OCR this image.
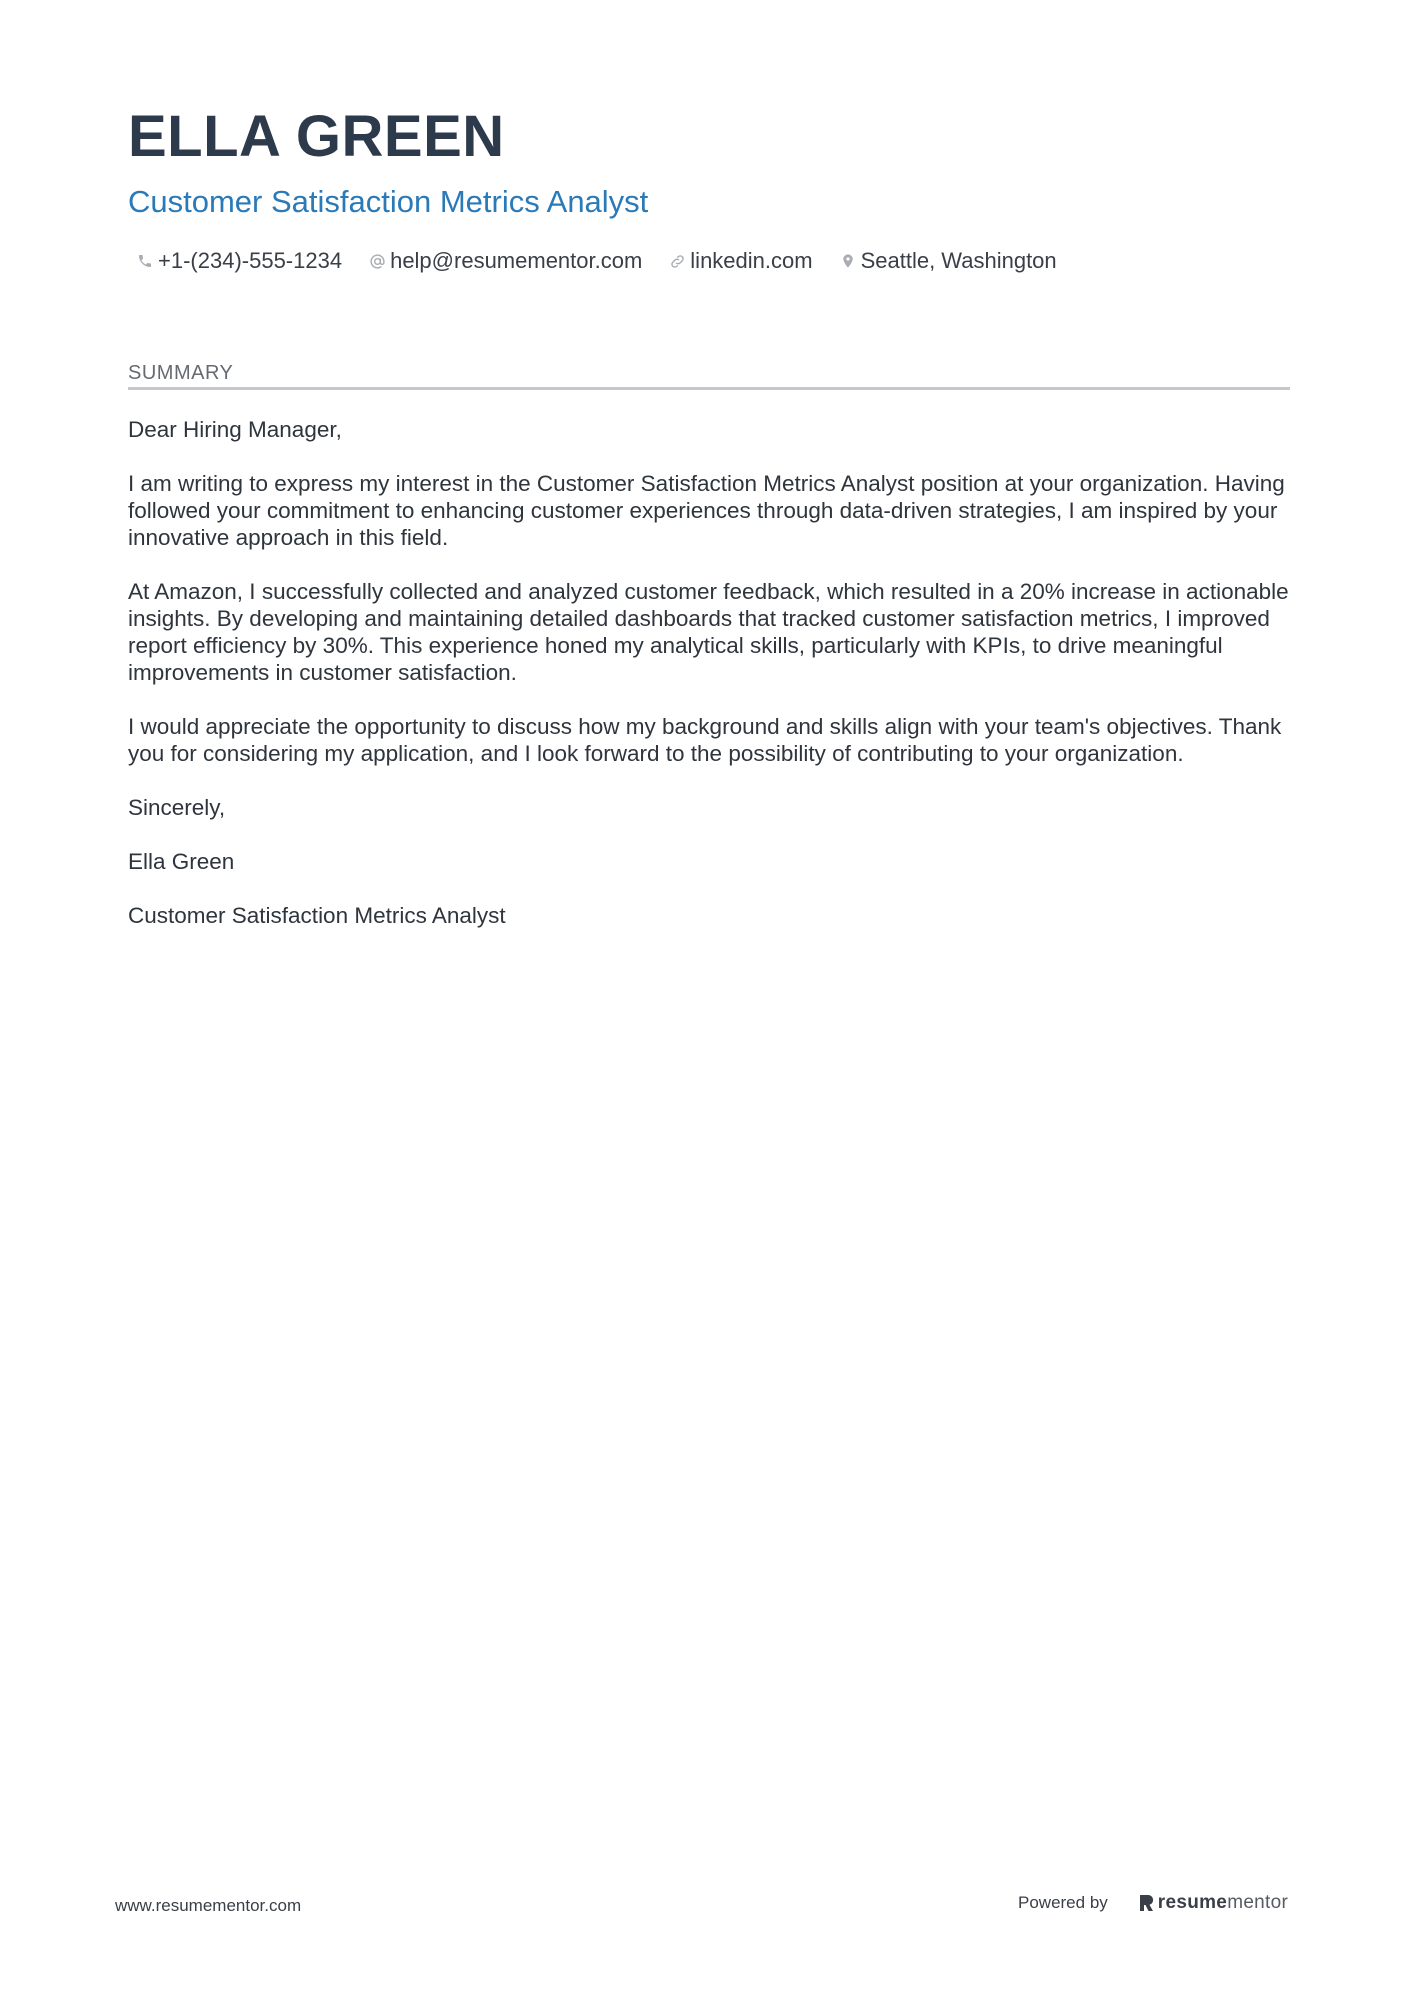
ELLA GREEN
Customer Satisfaction Metrics Analyst
+1-(234)-555-1234 help@resumementor.com linkedin.com Seattle, Washington
SUMMARY

Dear Hiring Manager,

I am writing to express my interest in the Customer Satisfaction Metrics Analyst position at your organization. Having followed your commitment to enhancing customer experiences through data-driven strategies, I am inspired by your innovative approach in this field.

At Amazon, I successfully collected and analyzed customer feedback, which resulted in a 20% increase in actionable insights. By developing and maintaining detailed dashboards that tracked customer satisfaction metrics, I improved report efficiency by 30%. This experience honed my analytical skills, particularly with KPIs, to drive meaningful improvements in customer satisfaction.

I would appreciate the opportunity to discuss how my background and skills align with your team's objectives. Thank you for considering my application, and I look forward to the possibility of contributing to your organization.

Sincerely,

Ella Green

Customer Satisfaction Metrics Analyst

www.resumementor.com	Powered by	resume mentor
